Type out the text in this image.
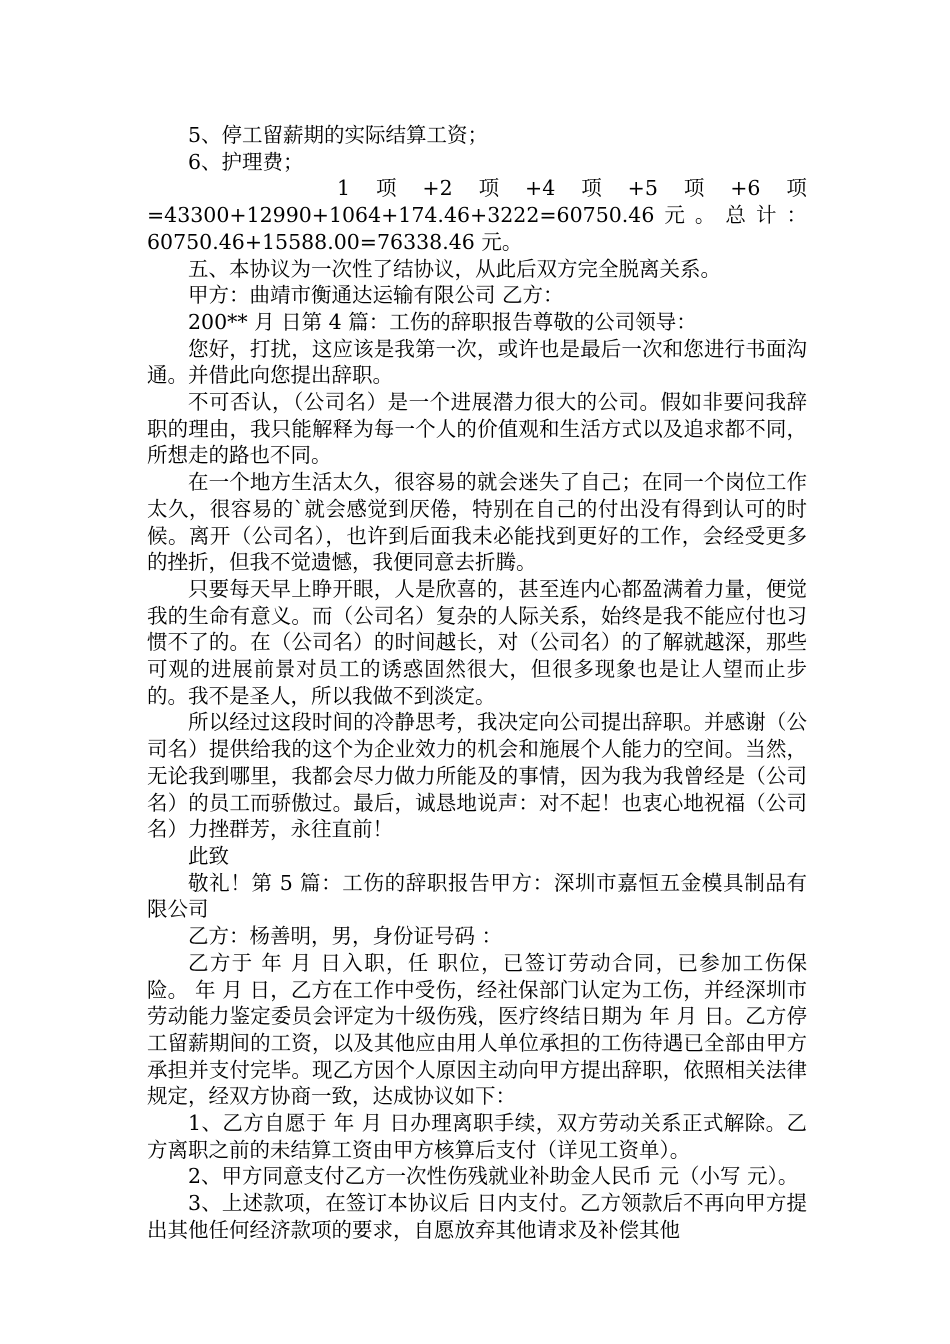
5、停工留薪期的实际结算工资；

6、护理费；

1 项 +2 项 +4 项 +5 项 +6 项
=43300+12990+1064+174.46+3222=60750.46 元 。 总 计 ：
60750.46+15588.00=76338.46 元。

五、本协议为一次性了结协议，从此后双方完全脱离关系。

甲方：曲靖市衡通达运输有限公司 乙方：

200** 月 日第 4 篇：工伤的辞职报告尊敬的公司领导：

您好，打扰，这应该是我第一次，或许也是最后一次和您进行书面沟通。并借此向您提出辞职。

不可否认，（公司名）是一个进展潜力很大的公司。假如非要问我辞职的理由，我只能解释为每一个人的价值观和生活方式以及追求都不同，所想走的路也不同。

在一个地方生活太久，很容易的就会迷失了自己；在同一个岗位工作太久，很容易的`就会感觉到厌倦，特别在自己的付出没有得到认可的时候。离开（公司名），也许到后面我未必能找到更好的工作，会经受更多的挫折，但我不觉遗憾，我便同意去折腾。

只要每天早上睁开眼，人是欣喜的，甚至连内心都盈满着力量，便觉我的生命有意义。而（公司名）复杂的人际关系，始终是我不能应付也习惯不了的。在（公司名）的时间越长，对（公司名）的了解就越深，那些可观的进展前景对员工的诱惑固然很大，但很多现象也是让人望而止步的。我不是圣人，所以我做不到淡定。

所以经过这段时间的冷静思考，我决定向公司提出辞职。并感谢（公司名）提供给我的这个为企业效力的机会和施展个人能力的空间。当然，无论我到哪里，我都会尽力做力所能及的事情，因为我为我曾经是（公司名）的员工而骄傲过。最后，诚恳地说声：对不起！也衷心地祝福（公司名）力挫群芳，永往直前！

此致

敬礼！第 5 篇：工伤的辞职报告甲方：深圳市嘉恒五金模具制品有限公司

乙方：杨善明，男，身份证号码 ：

乙方于 年 月 日入职，任 职位，已签订劳动合同，已参加工伤保险。 年 月 日，乙方在工作中受伤，经社保部门认定为工伤，并经深圳市劳动能力鉴定委员会评定为十级伤残，医疗终结日期为 年 月 日。乙方停工留薪期间的工资，以及其他应由用人单位承担的工伤待遇已全部由甲方承担并支付完毕。现乙方因个人原因主动向甲方提出辞职，依照相关法律规定，经双方协商一致，达成协议如下：

1、乙方自愿于 年 月 日办理离职手续，双方劳动关系正式解除。乙方离职之前的未结算工资由甲方核算后支付（详见工资单）。

2、甲方同意支付乙方一次性伤残就业补助金人民币 元（小写 元）。

3、上述款项，在签订本协议后 日内支付。乙方领款后不再向甲方提出其他任何经济款项的要求，自愿放弃其他请求及补偿其他
